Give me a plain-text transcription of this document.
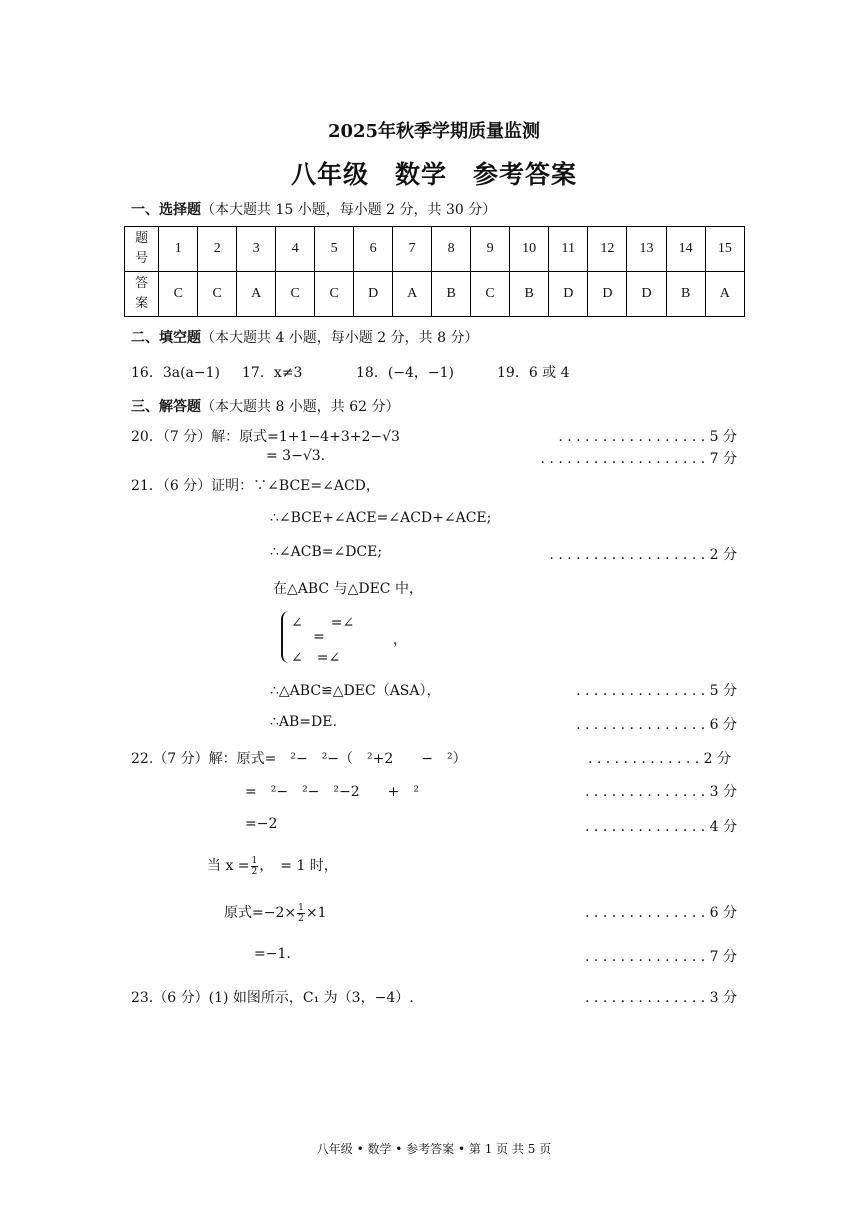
2025年秋季学期质量监测
八年级　数学　参考答案
一、选择题（本大题共 15 小题，每小题 2 分，共 30 分）
题
号	1	2	3	4	5	6	7	8	9	10	11	12	13	14	15
答
案	C	C	A	C	C	D	A	B	C	B	D	D	D	B	A
二、填空题（本大题共 4 小题，每小题 2 分，共 8 分）
16．3a(a−1) 17．x≠3	18．(−4，−1)	19．6 或 4
三、解答题（本大题共 8 小题，共 62 分）
20．（7 分）解：原式=1+1−4+3+2−√3	. . . . . . . . . . . . . . . . . 5 分
= 3−√3.	. . . . . . . . . . . . . . . . . . . 7 分
21．（6 分）证明：∵∠BCE=∠ACD，
∴∠BCE+∠ACE=∠ACD+∠ACE;
∴∠ACB=∠DCE;	. . . . . . . . . . . . . . . . . . 2 分
在△ABC 与△DEC 中，
∠　　=∠
=	，
∠　=∠
∴△ABC≌△DEC（ASA），	. . . . . . . . . . . . . . . 5 分
∴AB=DE.	. . . . . . . . . . . . . . . 6 分
22.（7 分）解：原式=　²−　²−（　²+2　　−　²）	. . . . . . . . . . . . . 2 分
=　²−　²−　²−2　　+　²	. . . . . . . . . . . . . . 3 分
=−2	. . . . . . . . . . . . . . 4 分
当 $x = \frac{1}{2}$ ，　= 1 时，
原式$=-2\times \frac{1}{2} \times 1$	. . . . . . . . . . . . . . 6 分
=−1.	. . . . . . . . . . . . . . 7 分
23.（6 分）(1) 如图所示，C₁ 为（3，−4）.	. . . . . . . . . . . . . . 3 分
八年级 • 数学 • 参考答案 • 第 1 页 共 5 页
